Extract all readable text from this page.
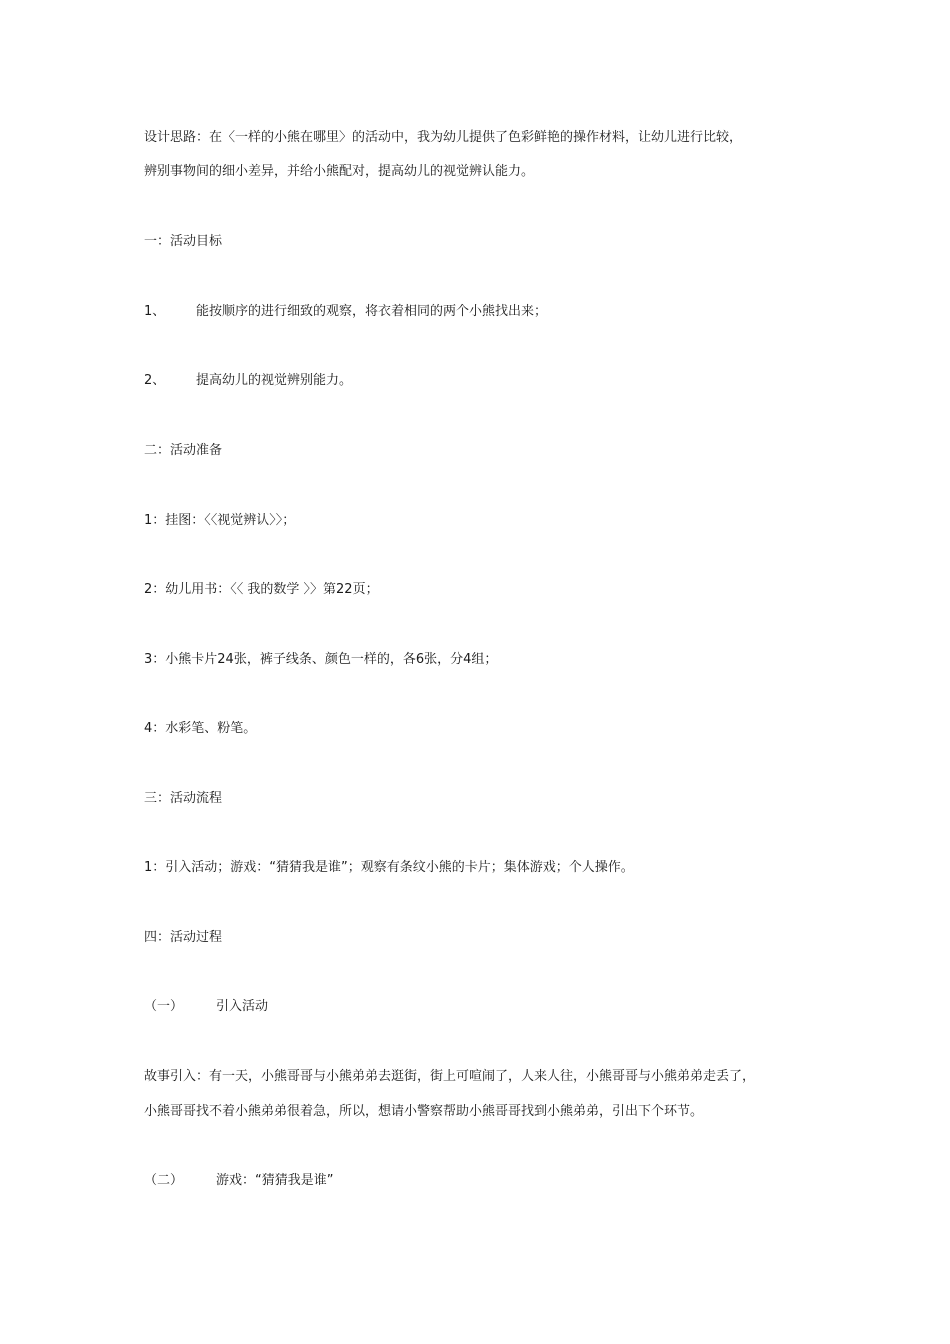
设计思路：在〈一样的小熊在哪里〉的活动中，我为幼儿提供了色彩鲜艳的操作材料，让幼儿进行比较，
辨别事物间的细小差异，并给小熊配对，提高幼儿的视觉辨认能力。
一：活动目标
1、 能按顺序的进行细致的观察，将衣着相同的两个小熊找出来；
2、 提高幼儿的视觉辨别能力。
二：活动准备
1：挂图：〈〈视觉辨认〉〉；
2：幼儿用书：〈〈 我的数学 〉〉第22页；
3：小熊卡片24张，裤子线条、颜色一样的，各6张，分4组；
4：水彩笔、粉笔。
三：活动流程
1：引入活动；游戏：“猜猜我是谁”；观察有条纹小熊的卡片；集体游戏；个人操作。
四：活动过程
（一）	引入活动
故事引入：有一天，小熊哥哥与小熊弟弟去逛街，街上可喧闹了，人来人往，小熊哥哥与小熊弟弟走丢了，
小熊哥哥找不着小熊弟弟很着急，所以，想请小警察帮助小熊哥哥找到小熊弟弟，引出下个环节。
（二）	游戏：“猜猜我是谁”
